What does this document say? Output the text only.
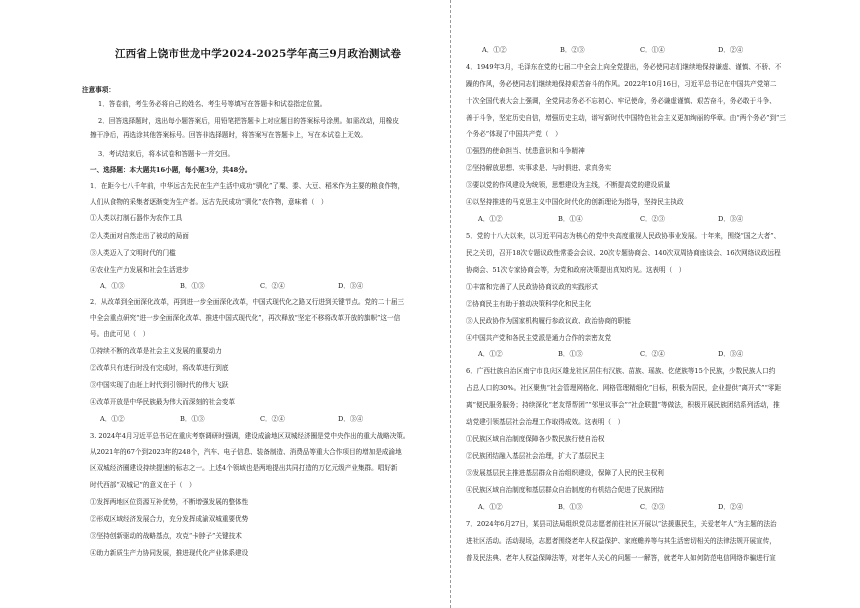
江西省上饶市世龙中学2024-2025学年高三9月政治测试卷
注意事项：
1．答卷前，考生务必将自己的姓名、考生号等填写在答题卡和试卷指定位置。
2．回答选择题时，选出每小题答案后，用铅笔把答题卡上对应题目的答案标号涂黑。如需改动，用橡皮
擦干净后，再选涂其他答案标号。回答非选择题时，将答案写在答题卡上，写在本试卷上无效。
3．考试结束后，将本试卷和答题卡一并交回。
一、选择题：本大题共16小题，每小题3分，共48分。
1．在距今七八千年前，中华远古先民在生产生活中成功“驯化”了粟、黍、大豆、稻米作为主要的粮食作物，
人们从食物的采集者逐渐变为生产者。远古先民成功“驯化”农作物，意味着（　）
①人类以打制石器作为农作工具
②人类面对自然走出了被动的局面
③人类迈入了文明时代的门槛
④农业生产力发展和社会生活进步
A．①③	B．①③	C．②④	D．③④
2．从改革到全面深化改革，再到进一步全面深化改革，中国式现代化之路又行进到关键节点。党的二十届三
中全会重点研究“进一步全面深化改革、推进中国式现代化”，再次释放“坚定不移将改革开放的旗帜”这一信
号。由此可见（　）
①持续不断的改革是社会主义发展的重要动力
②改革只有进行时没有完成时，将改革进行到底
③中国实现了由赶上时代到引领时代的伟大飞跃
④改革开放是中华民族最为伟大而深刻的社会变革
A．①②	B．①③	C．②④	D．③④
3. 2024年4月习近平总书记在重庆考察调研时强调，建设成渝地区双城经济圈是党中央作出的重大战略决策。
从2021年的67个到2023年的248个，汽车、电子信息、装备制造、消费品等重大合作项目的增加是成渝地
区双城经济圈建设持续提速的标志之一。上述4个领域也是两地提出共同打造的万亿元级产业集群。唱好新
时代西部“双城记”的意义在于（　）
①发挥两地区位资源互补优势，不断增强发展的整体性
②形成区域经济发展合力，充分发挥成渝双城重要优势
③坚持创新驱动的战略基点，攻克“卡脖子”关键技术
④助力新质生产力协同发展，推进现代化产业体系建设
A．①②	B．②③	C．①④	D．②④
4．1949年3月，毛泽东在党的七届二中全会上向全党提出，务必使同志们继续地保持谦虚、谨慎、不骄、不
躁的作风，务必使同志们继续地保持艰苦奋斗的作风。2022年10月16日，习近平总书记在中国共产党第二
十次全国代表大会上强调，全党同志务必不忘初心、牢记使命，务必谦虚谨慎、艰苦奋斗，务必敢于斗争、
善于斗争，坚定历史自信，增强历史主动，谱写新时代中国特色社会主义更加绚丽的华章。由“两个务必”到“三
个务必”体现了中国共产党（　）
①强烈的使命担当、忧患意识和斗争精神
②坚持解放思想、实事求是、与时俱进、求真务实
③要以党的作风建设为统领，思想建设为主线，不断提高党的建设质量
④以坚持推进的马克思主义中国化时代化的创新理论为指导，坚持民主执政
A．①②	B．①④	C．②③	D．③④
5．党的十八大以来，以习近平同志为核心的党中央高度重视人民政协事业发展。十年来，围绕“国之大者”、
民之关切，召开18次专题议政性常委会会议、20次专题协商会、140次双周协商座谈会、16次网络议政远程
协商会、51次专家协商会等，为党和政府决策提出真知灼见。这表明（　）
①丰富和完善了人民政协协商议政的实践形式
②协商民主有助于推动决策科学化和民主化
③人民政协作为国家机构履行参政议政、政治协商的职能
④中国共产党和各民主党派是通力合作的亲密友党
A．①②	B．①③	C．②④	D．③④
6．广西壮族自治区南宁市良庆区雄龙社区居住有汉族、苗族、瑶族、仡佬族等15个民族，少数民族人口约
占总人口的30%。社区聚焦“社会管理网格化、网格管理精细化”目标，积极为居民，企业提供“离开式”“零距
离”便民服务服务；持续深化“老友帮帮团”“邻里议事会”“社企联盟”等做法，积极开展民族团结系列活动，推
动党建引领基层社会治理工作取得成效。这表明（　）
①民族区域自治制度保障各少数民族行使自治权
②民族团结融入基层社会治理，扩大了基层民主
③发展基层民主推进基层群众自治组织建设，保障了人民的民主权利
④民族区域自治制度和基层群众自治制度的有机结合促进了民族团结
A．①②	B．①③	C．②③	D．②④
7．2024年6月27日，某县司法局组织党员志愿者前往社区开展以“法援惠民生，关爱老年人”为主题的法治
进社区活动。活动现场，志愿者围绕老年人权益保护、家庭赡养等与其生活密切相关的法律法规开展宣传，
普及民法典、老年人权益保障法等，对老年人关心的问题一一解答，就老年人如何防范电信网络诈骗进行宣
